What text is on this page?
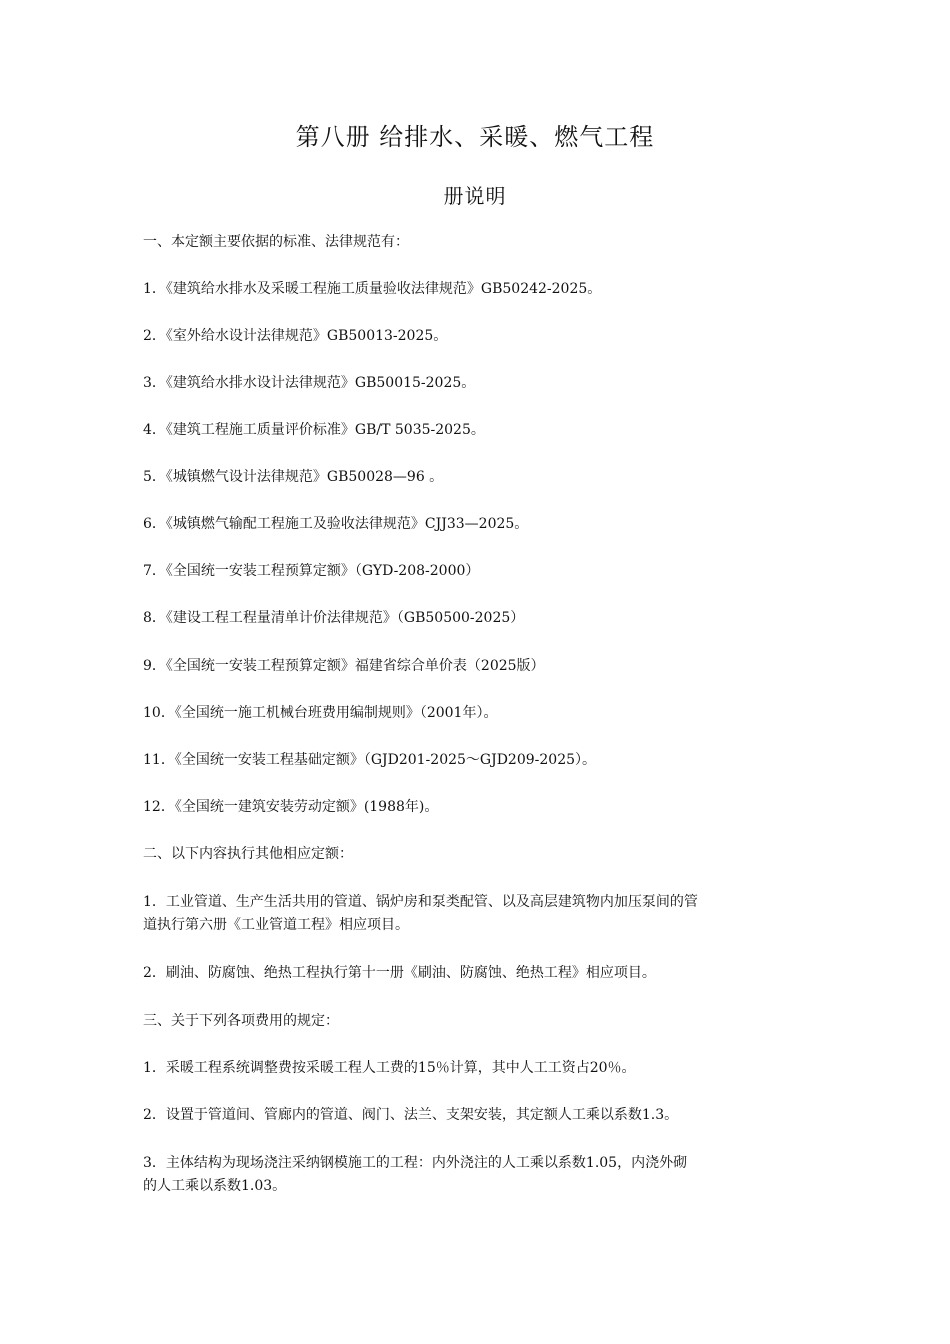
第八册 给排水、采暖、燃气工程
册说明
一、本定额主要依据的标准、法律规范有：
1．《建筑给水排水及采暖工程施工质量验收法律规范》GB50242-2025。
2．《室外给水设计法律规范》GB50013-2025。
3．《建筑给水排水设计法律规范》GB50015-2025。
4．《建筑工程施工质量评价标准》GB/T 5035-2025。
5．《城镇燃气设计法律规范》GB50028—96 。
6．《城镇燃气输配工程施工及验收法律规范》CJJ33—2025。
7．《全国统一安装工程预算定额》（GYD-208-2000）
8．《建设工程工程量清单计价法律规范》（GB50500-2025）
9．《全国统一安装工程预算定额》福建省综合单价表（2025版）
10．《全国统一施工机械台班费用编制规则》（2001年）。
11．《全国统一安装工程基础定额》（GJD201-2025～GJD209-2025）。
12．《全国统一建筑安装劳动定额》(1988年)。
二、以下内容执行其他相应定额：
1．工业管道、生产生活共用的管道、锅炉房和泵类配管、以及高层建筑物内加压泵间的管
道执行第六册《工业管道工程》相应项目。
2．刷油、防腐蚀、绝热工程执行第十一册《刷油、防腐蚀、绝热工程》相应项目。
三、关于下列各项费用的规定：
1．采暖工程系统调整费按采暖工程人工费的15％计算，其中人工工资占20％。
2．设置于管道间、管廊内的管道、阀门、法兰、支架安装，其定额人工乘以系数1.3。
3．主体结构为现场浇注采纳钢模施工的工程：内外浇注的人工乘以系数1.05，内浇外砌
的人工乘以系数1.03。
